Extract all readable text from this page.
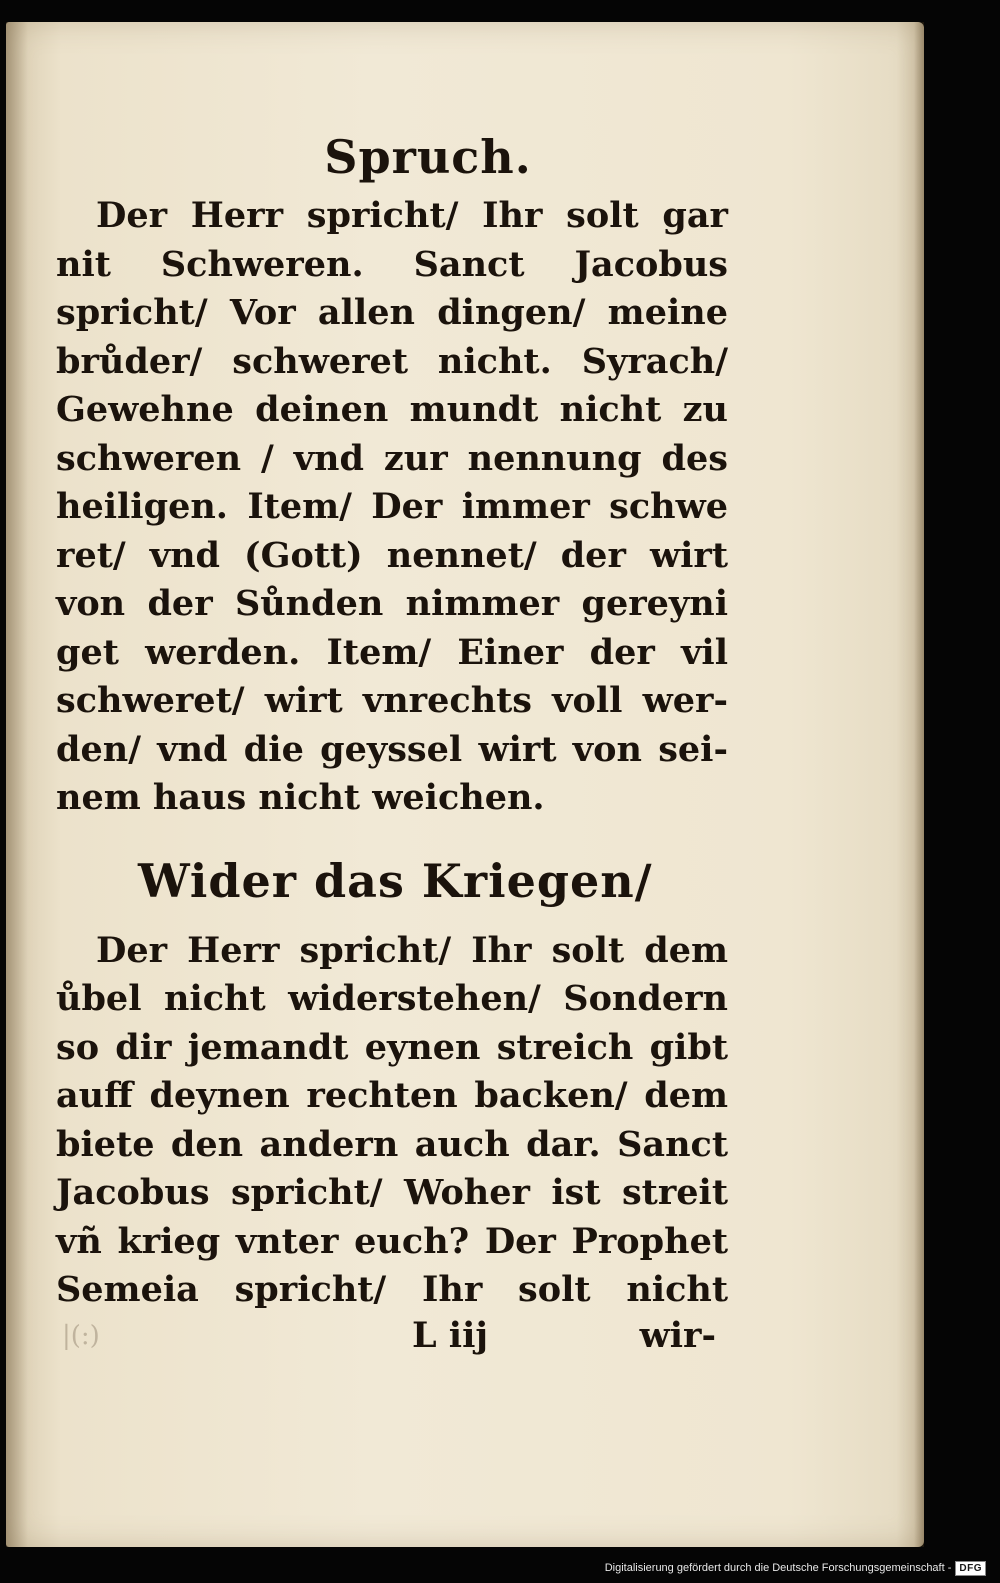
Spruch.
Der Herr spricht/ Ihr solt gar
nit Schweren. Sanct Jacobus
spricht/ Vor allen dingen/ meine
brůder/ schweret nicht. Syrach/
Gewehne deinen mundt nicht zu
schweren / vnd zur nennung des
heiligen. Item/ Der immer schwe
ret/ vnd (Gott) nennet/ der wirt
von der Sůnden nimmer gereyni
get werden. Item/ Einer der vil
schweret/ wirt vnrechts voll wer-
den/ vnd die geyssel wirt von sei-
nem haus nicht weichen.
Wider das Kriegen/
Der Herr spricht/ Ihr solt dem
ůbel nicht widerstehen/ Sondern
so dir jemandt eynen streich gibt
auff deynen rechten backen/ dem
biete den andern auch dar. Sanct
Jacobus spricht/ Woher ist streit
vñ krieg vnter euch? Der Prophet
Semeia spricht/ Ihr solt nicht
|(:)	L iij	wir-
Digitalisierung gefördert durch die Deutsche Forschungsgemeinschaft - DFG
